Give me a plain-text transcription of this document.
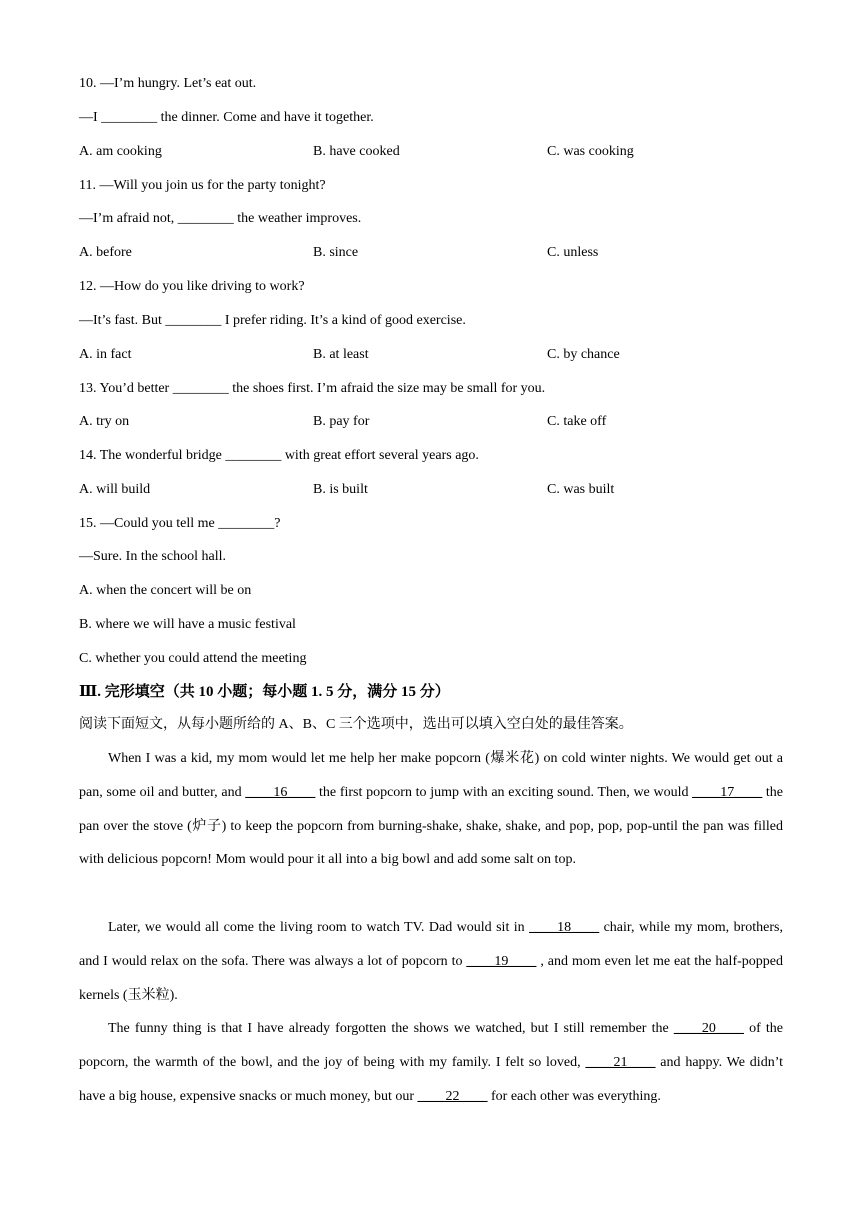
10. —I’m hungry. Let’s eat out.
—I ________ the dinner. Come and have it together.
A. am cooking	B. have cooked	C. was cooking
11. —Will you join us for the party tonight?
—I’m afraid not, ________ the weather improves.
A. before	B. since	C. unless
12. —How do you like driving to work?
—It’s fast. But ________ I prefer riding. It’s a kind of good exercise.
A. in fact	B. at least	C. by chance
13. You’d better ________ the shoes first. I’m afraid the size may be small for you.
A. try on	B. pay for	C. take off
14. The wonderful bridge ________ with great effort several years ago.
A. will build	B. is built	C. was built
15. —Could you tell me ________?
—Sure. In the school hall.
A. when the concert will be on
B. where we will have a music festival
C. whether you could attend the meeting
Ⅲ. 完形填空（共 10 小题；每小题 1. 5 分，满分 15 分）
阅读下面短文，从每小题所给的 A、B、C 三个选项中，选出可以填入空白处的最佳答案。
When I was a kid, my mom would let me help her make popcorn (爆米花) on cold winter nights. We would get out a pan, some oil and butter, and ____16____ the first popcorn to jump with an exciting sound. Then, we would ____17____ the pan over the stove (炉子) to keep the popcorn from burning-shake, shake, shake, and pop, pop, pop-until the pan was filled with delicious popcorn! Mom would pour it all into a big bowl and add some salt on top.
Later, we would all come the living room to watch TV. Dad would sit in ____18____ chair, while my mom, brothers, and I would relax on the sofa. There was always a lot of popcorn to ____19____ , and mom even let me eat the half-popped kernels (玉米粒).
The funny thing is that I have already forgotten the shows we watched, but I still remember the ____20____ of the popcorn, the warmth of the bowl, and the joy of being with my family. I felt so loved, ____21____ and happy. We didn’t have a big house, expensive snacks or much money, but our ____22____ for each other was everything.
